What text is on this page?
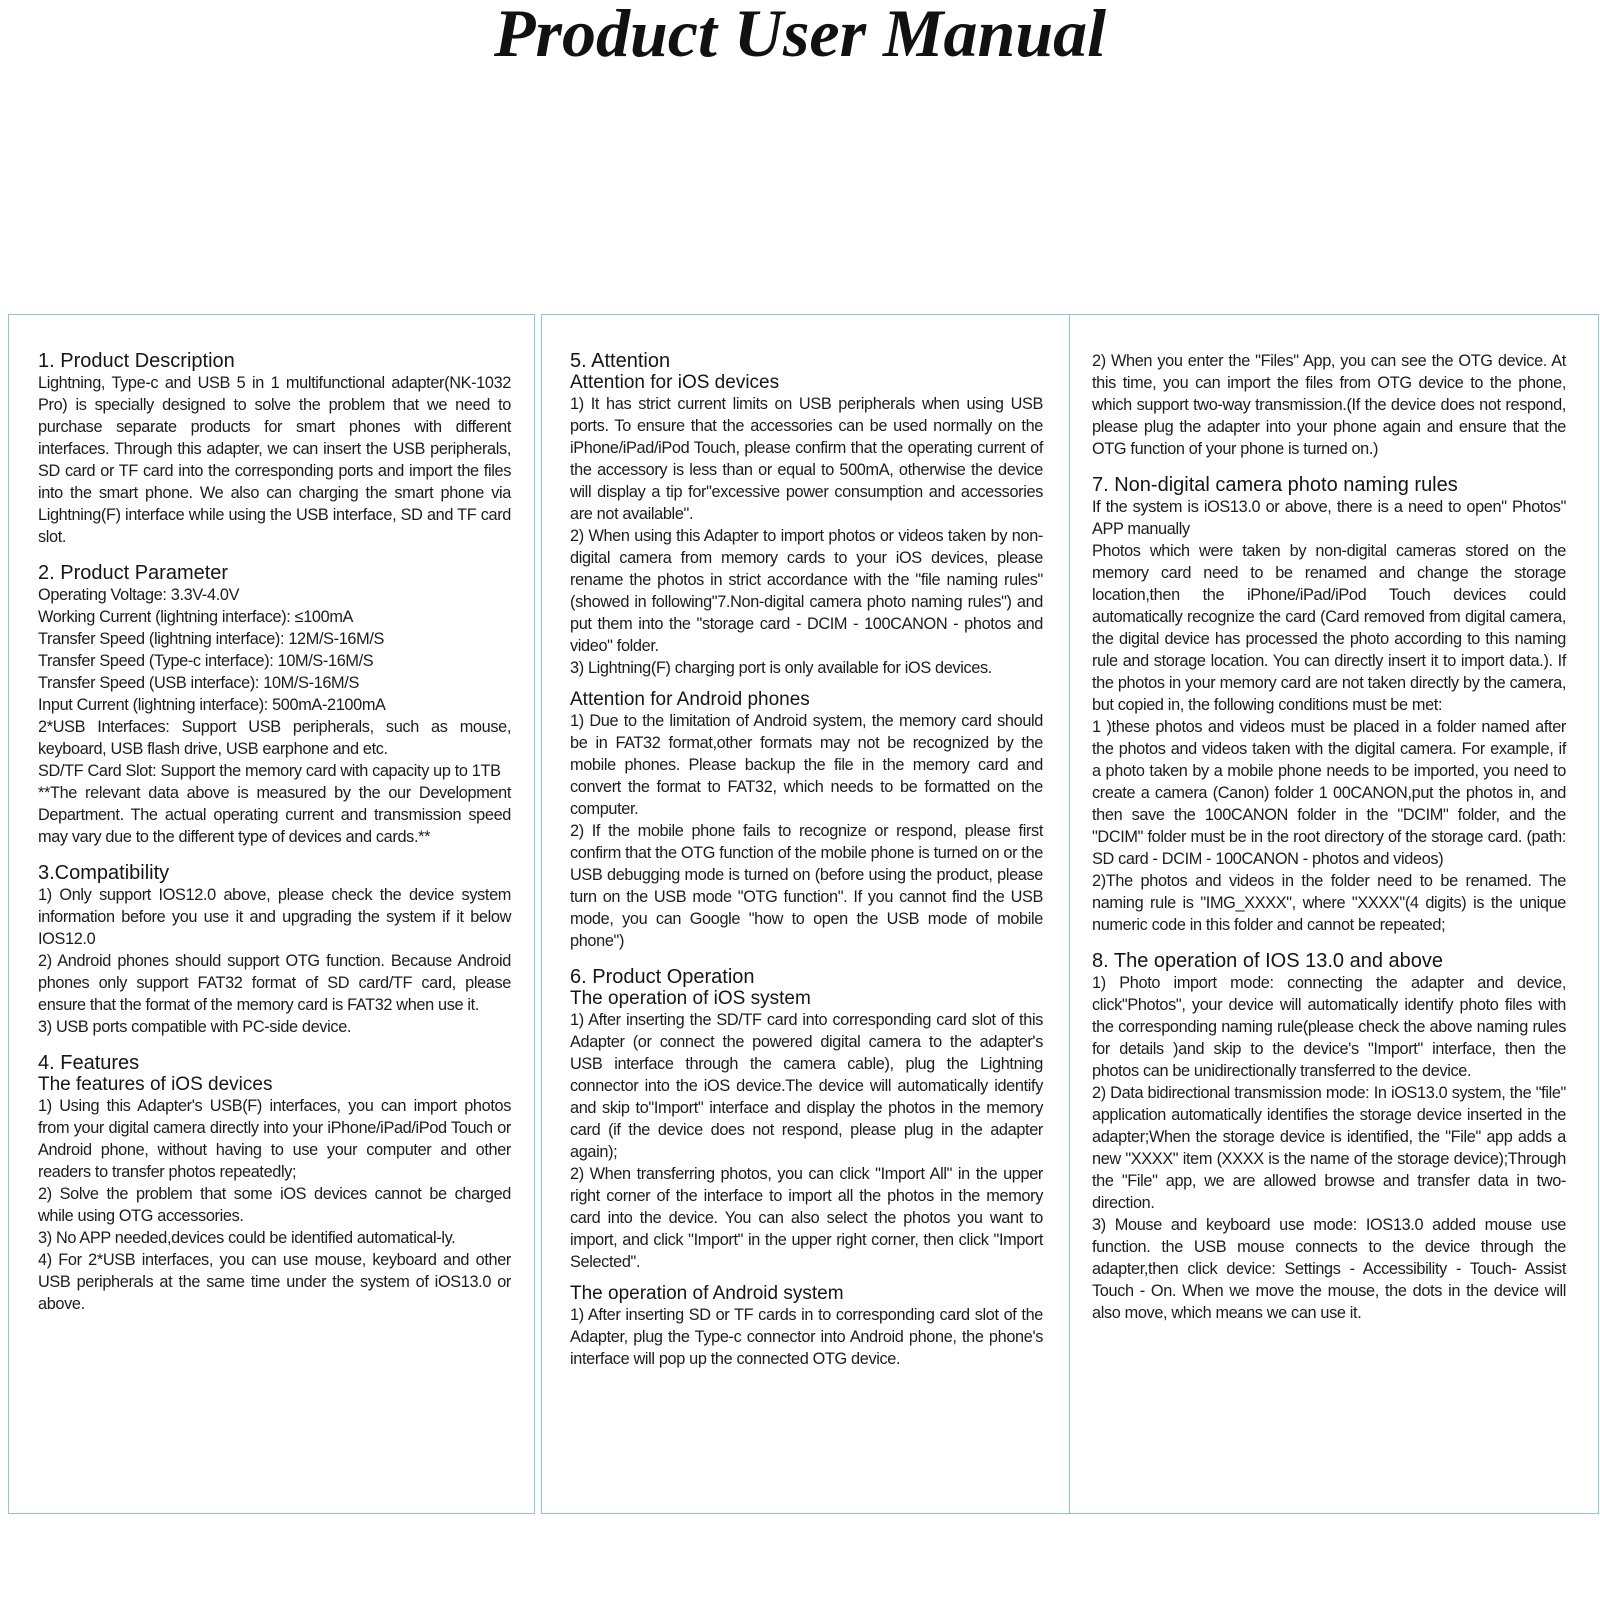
Product User Manual
1. Product Description

Lightning, Type-c and USB 5 in 1 multifunctional adapter(NK-1032 Pro) is specially designed to solve the problem that we need to purchase separate products for smart phones with different interfaces. Through this adapter, we can insert the USB peripherals, SD card or TF card into the corresponding ports and import the files into the smart phone. We also can charging the smart phone via Lightning(F) interface while using the USB interface, SD and TF card slot.

2. Product Parameter

Operating Voltage: 3.3V-4.0V

Working Current (lightning interface): ≤100mA

Transfer Speed (lightning interface): 12M/S-16M/S

Transfer Speed (Type-c interface): 10M/S-16M/S

Transfer Speed (USB interface): 10M/S-16M/S

Input Current (lightning interface): 500mA-2100mA

2*USB Interfaces: Support USB peripherals, such as mouse, keyboard, USB flash drive, USB earphone and etc.

SD/TF Card Slot: Support the memory card with capacity up to 1TB

**The relevant data above is measured by the our Development Department. The actual operating current and transmission speed may vary due to the different type of devices and cards.**

3.Compatibility

1) Only support IOS12.0 above, please check the device system information before you use it and upgrading the system if it below IOS12.0

2) Android phones should support OTG function. Because Android phones only support FAT32 format of SD card/TF card, please ensure that the format of the memory card is FAT32 when use it.

3) USB ports compatible with PC-side device.

4. Features
The features of iOS devices

1) Using this Adapter's USB(F) interfaces, you can import photos from your digital camera directly into your iPhone/iPad/iPod Touch or Android phone, without having to use your computer and other readers to transfer photos repeatedly;

2) Solve the problem that some iOS devices cannot be charged while using OTG accessories.

3) No APP needed,devices could be identified automatical-ly.

4) For 2*USB interfaces, you can use mouse, keyboard and other USB peripherals at the same time under the system of iOS13.0 or above.

5. Attention
Attention for iOS devices

1) It has strict current limits on USB peripherals when using USB ports. To ensure that the accessories can be used normally on the iPhone/iPad/iPod Touch, please confirm that the operating current of the accessory is less than or equal to 500mA, otherwise the device will display a tip for"excessive power consumption and accessories are not available".

2) When using this Adapter to import photos or videos taken by non-digital camera from memory cards to your iOS devices, please rename the photos in strict accordance with the "file naming rules"(showed in following"7.Non-digital camera photo naming rules") and put them into the "storage card - DCIM - 100CANON - photos and video" folder.

3) Lightning(F) charging port is only available for iOS devices.

Attention for Android phones

1) Due to the limitation of Android system, the memory card should be in FAT32 format,other formats may not be recognized by the mobile phones. Please backup the file in the memory card and convert the format to FAT32, which needs to be formatted on the computer.

2) If the mobile phone fails to recognize or respond, please first confirm that the OTG function of the mobile phone is turned on or the USB debugging mode is turned on (before using the product, please turn on the USB mode "OTG function". If you cannot find the USB mode, you can Google "how to open the USB mode of mobile phone")

6. Product Operation
The operation of iOS system

1) After inserting the SD/TF card into corresponding card slot of this Adapter (or connect the powered digital camera to the adapter's USB interface through the camera cable), plug the Lightning connector into the iOS device.The device will automatically identify and skip to"Import" interface and display the photos in the memory card (if the device does not respond, please plug in the adapter again);

2) When transferring photos, you can click "Import All" in the upper right corner of the interface to import all the photos in the memory card into the device. You can also select the photos you want to import, and click "Import" in the upper right corner, then click "Import Selected".

The operation of Android system

1) After inserting SD or TF cards in to corresponding card slot of the Adapter, plug the Type-c connector into Android phone, the phone's interface will pop up the connected OTG device.

2) When you enter the "Files" App, you can see the OTG device. At this time, you can import the files from OTG device to the phone, which support two-way transmission.(If the device does not respond, please plug the adapter into your phone again and ensure that the OTG function of your phone is turned on.)

7. Non-digital camera photo naming rules

If the system is iOS13.0 or above, there is a need to open" Photos" APP manually

Photos which were taken by non-digital cameras stored on the memory card need to be renamed and change the storage location,then the iPhone/iPad/iPod Touch devices could automatically recognize the card (Card removed from digital camera, the digital device has processed the photo according to this naming rule and storage location. You can directly insert it to import data.). If the photos in your memory card are not taken directly by the camera, but copied in, the following conditions must be met:

1 )these photos and videos must be placed in a folder named after the photos and videos taken with the digital camera. For example, if a photo taken by a mobile phone needs to be imported, you need to create a camera (Canon) folder 1 00CANON,put the photos in, and then save the 100CANON folder in the "DCIM" folder, and the "DCIM" folder must be in the root directory of the storage card. (path: SD card - DCIM - 100CANON - photos and videos)

2)The photos and videos in the folder need to be renamed. The naming rule is "IMG_XXXX", where "XXXX"(4 digits) is the unique numeric code in this folder and cannot be repeated;

8. The operation of IOS 13.0 and above

1) Photo import mode: connecting the adapter and device, click"Photos", your device will automatically identify photo files with the corresponding naming rule(please check the above naming rules for details )and skip to the device's "Import" interface, then the photos can be unidirectionally transferred to the device.

2) Data bidirectional transmission mode: In iOS13.0 system, the "file" application automatically identifies the storage device inserted in the adapter;When the storage device is identified, the "File" app adds a new "XXXX" item (XXXX is the name of the storage device);Through the "File" app, we are allowed browse and transfer data in two-direction.

3) Mouse and keyboard use mode: IOS13.0 added mouse use function. the USB mouse connects to the device through the adapter,then click device: Settings - Accessibility - Touch- Assist Touch - On. When we move the mouse, the dots in the device will also move, which means we can use it.
